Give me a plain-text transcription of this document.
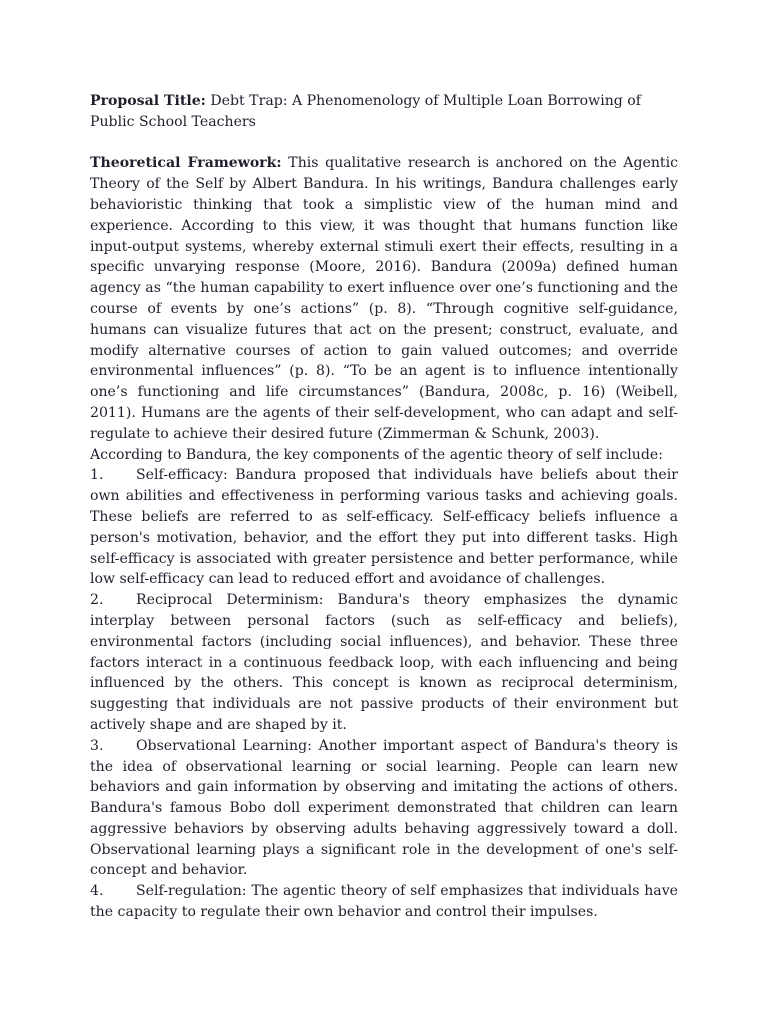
Proposal Title: Debt Trap: A Phenomenology of Multiple Loan Borrowing of Public School Teachers

Theoretical Framework: This qualitative research is anchored on the Agentic Theory of the Self by Albert Bandura. In his writings, Bandura challenges early behavioristic thinking that took a simplistic view of the human mind and experience. According to this view, it was thought that humans function like input-output systems, whereby external stimuli exert their effects, resulting in a specific unvarying response (Moore, 2016). Bandura (2009a) defined human agency as “the human capability to exert influence over one’s functioning and the course of events by one’s actions” (p. 8). “Through cognitive self-guidance, humans can visualize futures that act on the present; construct, evaluate, and modify alternative courses of action to gain valued outcomes; and override environmental influences” (p. 8). “To be an agent is to influence intentionally one’s functioning and life circumstances” (Bandura, 2008c, p. 16) (Weibell, 2011). Humans are the agents of their self-development, who can adapt and self-regulate to achieve their desired future (Zimmerman & Schunk, 2003).

According to Bandura, the key components of the agentic theory of self include:

1. Self-efficacy: Bandura proposed that individuals have beliefs about their own abilities and effectiveness in performing various tasks and achieving goals. These beliefs are referred to as self-efficacy. Self-efficacy beliefs influence a person's motivation, behavior, and the effort they put into different tasks. High self-efficacy is associated with greater persistence and better performance, while low self-efficacy can lead to reduced effort and avoidance of challenges.

2. Reciprocal Determinism: Bandura's theory emphasizes the dynamic interplay between personal factors (such as self-efficacy and beliefs), environmental factors (including social influences), and behavior. These three factors interact in a continuous feedback loop, with each influencing and being influenced by the others. This concept is known as reciprocal determinism, suggesting that individuals are not passive products of their environment but actively shape and are shaped by it.

3. Observational Learning: Another important aspect of Bandura's theory is the idea of observational learning or social learning. People can learn new behaviors and gain information by observing and imitating the actions of others. Bandura's famous Bobo doll experiment demonstrated that children can learn aggressive behaviors by observing adults behaving aggressively toward a doll. Observational learning plays a significant role in the development of one's self-concept and behavior.

4. Self-regulation: The agentic theory of self emphasizes that individuals have the capacity to regulate their own behavior and control their impulses.
